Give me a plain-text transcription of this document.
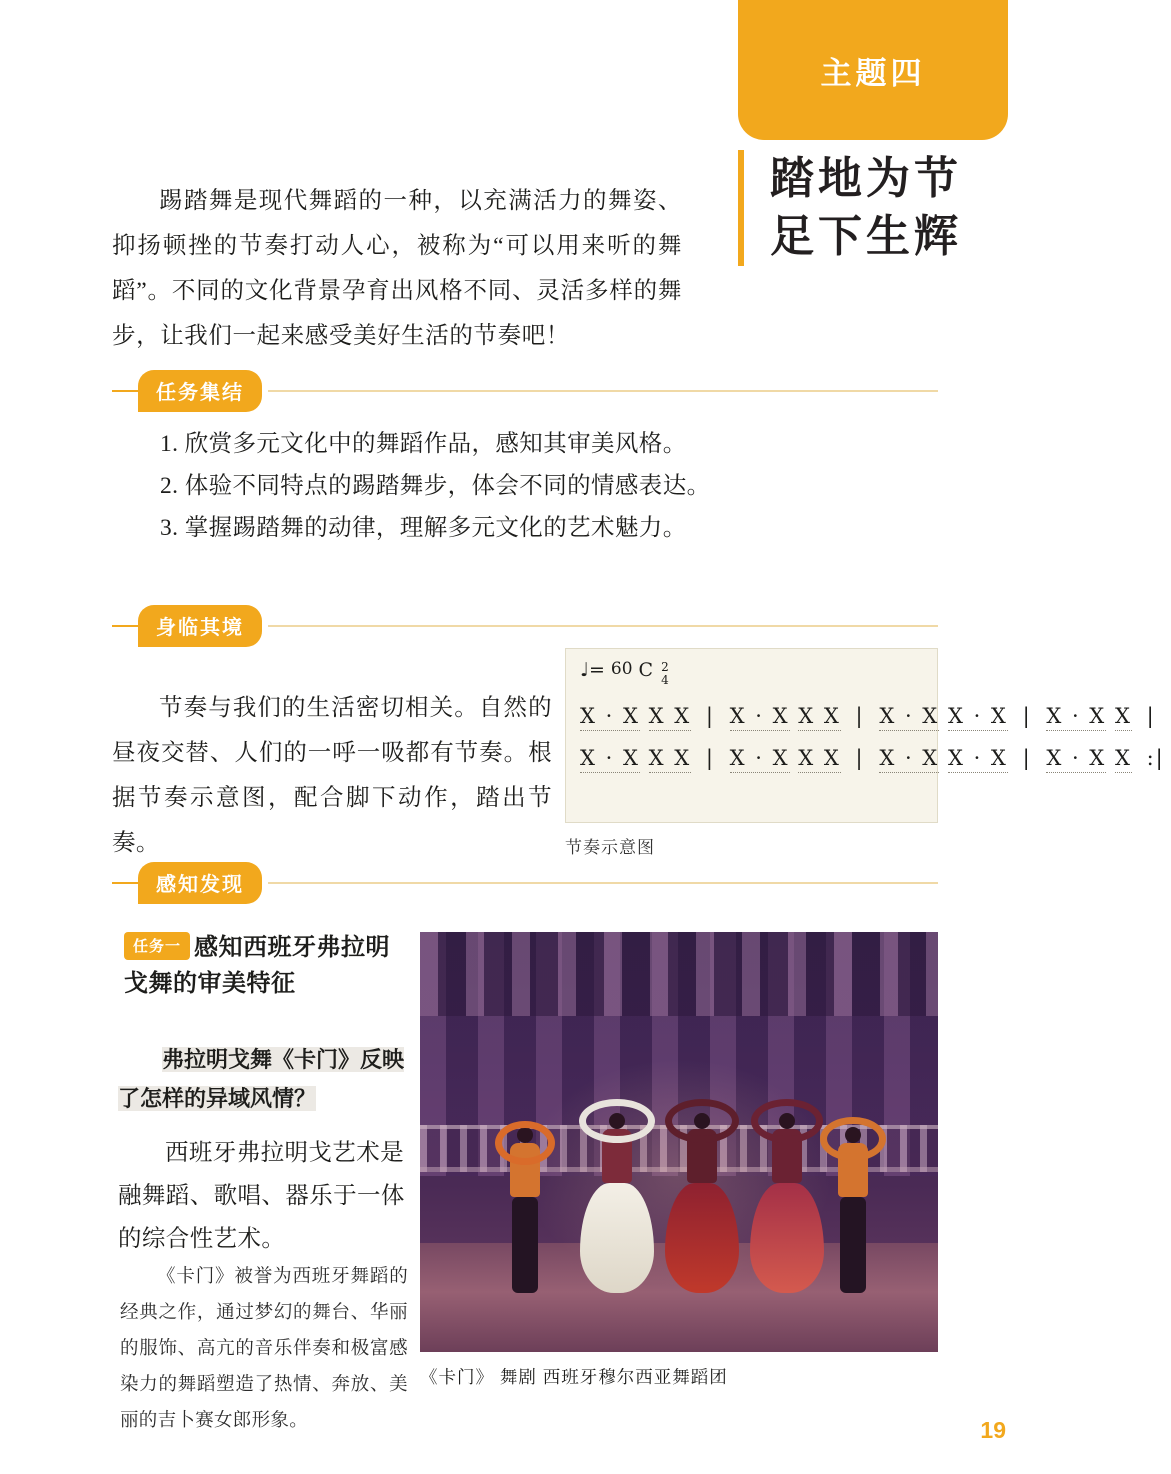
主题四
踏地为节
足下生辉

踢踏舞是现代舞蹈的一种，以充满活力的舞姿、抑扬顿挫的节奏打动人心，被称为“可以用来听的舞蹈”。不同的文化背景孕育出风格不同、灵活多样的舞步，让我们一起来感受美好生活的节奏吧！

任务集结
1. 欣赏多元文化中的舞蹈作品，感知其审美风格。
2. 体验不同特点的踢踏舞步，体会不同的情感表达。
3. 掌握踢踏舞的动律，理解多元文化的艺术魅力。
身临其境

节奏与我们的生活密切相关。自然的昼夜交替、人们的一呼一吸都有节奏。根据节奏示意图，配合脚下动作，踏出节奏。

♩= 60 C 2
4
X · X X X | X · X X X | X · X X · X | X · X X |
X · X X X | X · X X X | X · X X · X | X · X X :|
节奏示意图
感知发现
任务一 感知西班牙弗拉明戈舞的审美特征

弗拉明戈舞《卡门》反映了怎样的异域风情？

西班牙弗拉明戈艺术是融舞蹈、歌唱、器乐于一体的综合性艺术。

《卡门》被誉为西班牙舞蹈的经典之作，通过梦幻的舞台、华丽的服饰、高亢的音乐伴奏和极富感染力的舞蹈塑造了热情、奔放、美丽的吉卜赛女郎形象。

《卡门》 舞剧 西班牙穆尔西亚舞蹈团
19
